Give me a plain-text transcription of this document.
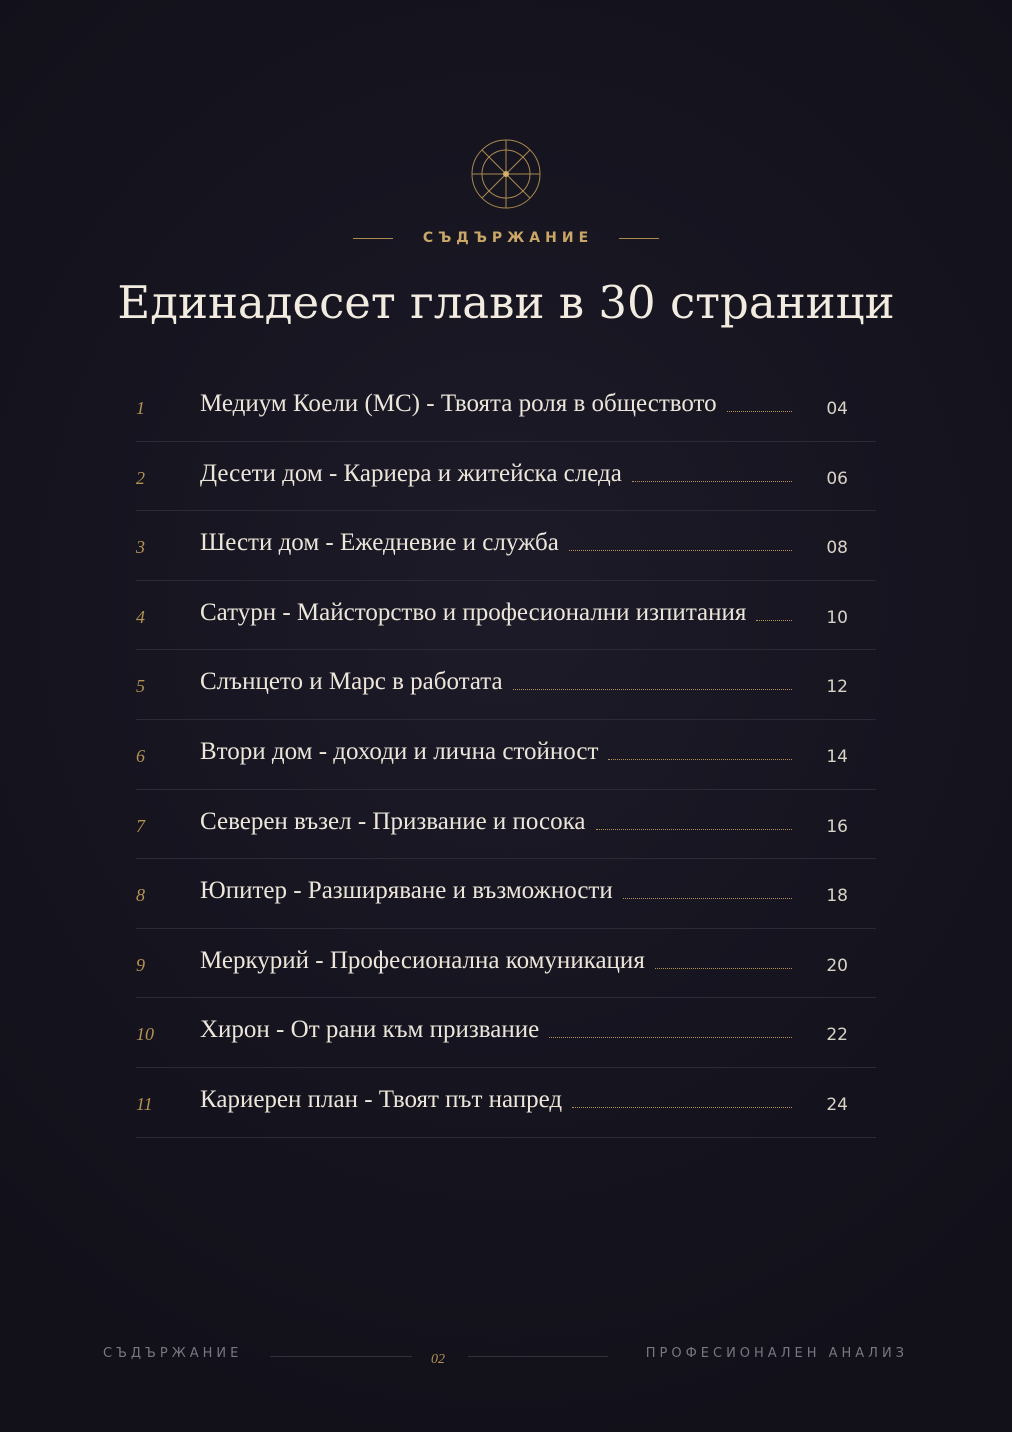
СЪДЪРЖАНИЕ
Единадесет глави в 30 страници
1 Медиум Коели (MC) - Твоята роля в обществото	04
2 Десети дом - Кариера и житейска следа	06
3 Шести дом - Ежедневие и служба	08
4 Сатурн - Майсторство и професионални изпитания	10
5 Слънцето и Марс в работата	12
6 Втори дом - доходи и лична стойност	14
7 Северен възел - Призвание и посока	16
8 Юпитер - Разширяване и възможности	18
9 Меркурий - Професионална комуникация	20
10 Хирон - От рани към призвание	22
11 Кариерен план - Твоят път напред	24
СЪДЪРЖАНИЕ	02	ПРОФЕСИОНАЛЕН АНАЛИЗ
